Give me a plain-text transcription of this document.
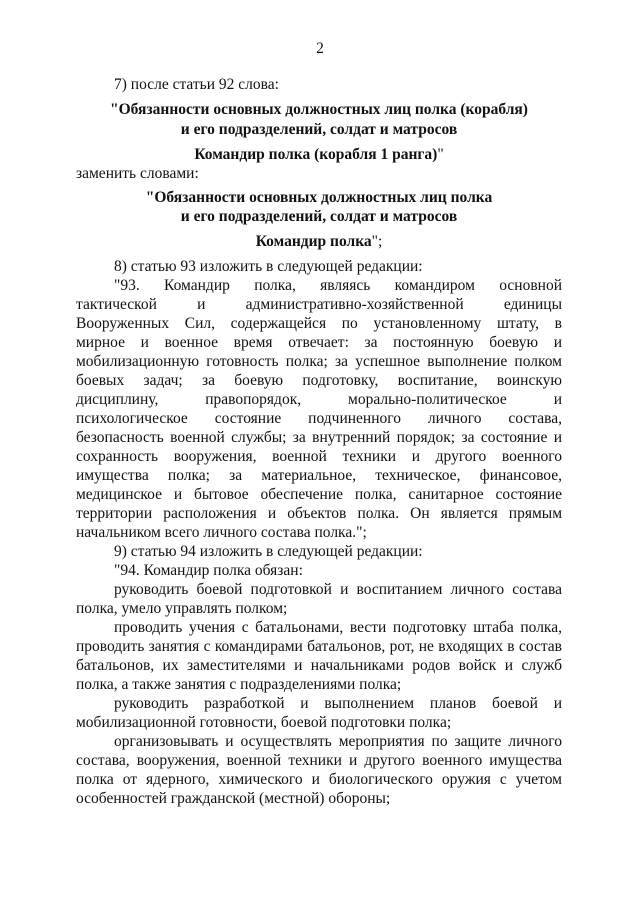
2
7) после статьи 92 слова:
"Обязанности основных должностных лиц полка (корабля)
и его подразделений, солдат и матросов
Командир полка (корабля 1 ранга)"
заменить словами:
"Обязанности основных должностных лиц полка
и его подразделений, солдат и матросов
Командир полка";
8) статью 93 изложить в следующей редакции:
"93. Командир полка, являясь командиром основной
тактической и административно-хозяйственной единицы
Вооруженных Сил, содержащейся по установленному штату, в
мирное и военное время отвечает: за постоянную боевую и
мобилизационную готовность полка; за успешное выполнение полком
боевых задач; за боевую подготовку, воспитание, воинскую
дисциплину, правопорядок, морально-политическое и
психологическое состояние подчиненного личного состава,
безопасность военной службы; за внутренний порядок; за состояние и
сохранность вооружения, военной техники и другого военного
имущества полка; за материальное, техническое, финансовое,
медицинское и бытовое обеспечение полка, санитарное состояние
территории расположения и объектов полка. Он является прямым
начальником всего личного состава полка.";
9) статью 94 изложить в следующей редакции:
"94. Командир полка обязан:
руководить боевой подготовкой и воспитанием личного состава полка, умело управлять полком;
проводить учения с батальонами, вести подготовку штаба полка, проводить занятия с командирами батальонов, рот, не входящих в состав батальонов, их заместителями и начальниками родов войск и служб полка, а также занятия с подразделениями полка;
руководить разработкой и выполнением планов боевой и мобилизационной готовности, боевой подготовки полка;
организовывать и осуществлять мероприятия по защите личного состава, вооружения, военной техники и другого военного имущества полка от ядерного, химического и биологического оружия с учетом особенностей гражданской (местной) обороны;
